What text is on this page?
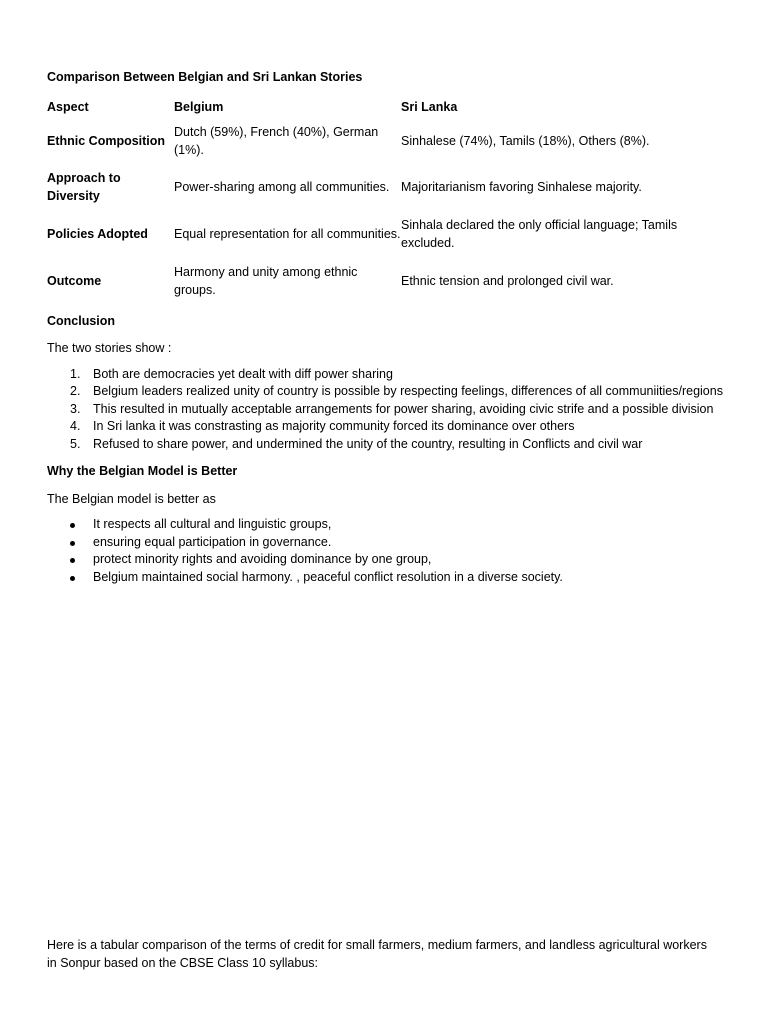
Comparison Between Belgian and Sri Lankan Stories
Aspect	Belgium	Sri Lanka
Ethnic Composition	Dutch (59%), French (40%), German (1%).	Sinhalese (74%), Tamils (18%), Others (8%).
Approach to Diversity	Power-sharing among all communities.	Majoritarianism favoring Sinhalese majority.
Policies Adopted	Equal representation for all communities.	Sinhala declared the only official language; Tamils excluded.
Outcome	Harmony and unity among ethnic groups.	Ethnic tension and prolonged civil war.
Conclusion
The two stories show :
1. Both are democracies yet dealt with diff power sharing
2. Belgium leaders realized unity of country is possible by respecting feelings, differences of all communiities/regions
3. This resulted in mutually acceptable arrangements for power sharing, avoiding civic strife and a possible division
4. In Sri lanka it was constrasting as majority community forced its dominance over others
5. Refused to share power, and undermined the unity of the country, resulting in Conflicts and civil war
Why the Belgian Model is Better
The Belgian model is better as
It respects all cultural and linguistic groups,
ensuring equal participation in governance.
protect minority rights and avoiding dominance by one group,
Belgium maintained social harmony. , peaceful conflict resolution in a diverse society.
Here is a tabular comparison of the terms of credit for small farmers, medium farmers, and landless agricultural workers in Sonpur based on the CBSE Class 10 syllabus:
